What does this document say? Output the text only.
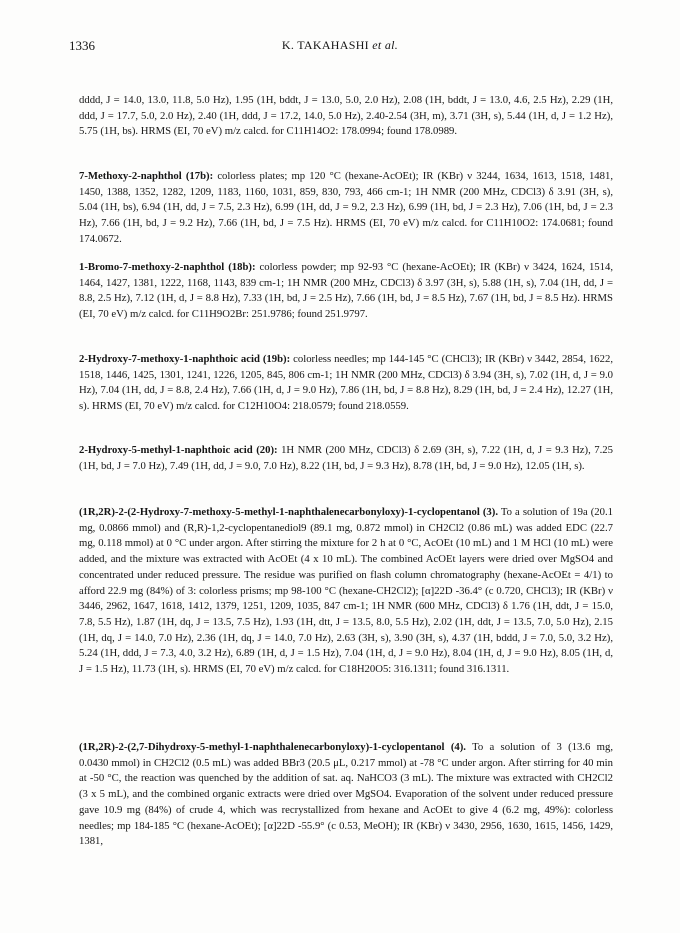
1336	K. TAKAHASHI et al.
dddd, J = 14.0, 13.0, 11.8, 5.0 Hz), 1.95 (1H, bddt, J = 13.0, 5.0, 2.0 Hz), 2.08 (1H, bddt, J = 13.0, 4.6, 2.5 Hz), 2.29 (1H, ddd, J = 17.7, 5.0, 2.0 Hz), 2.40 (1H, ddd, J = 17.2, 14.0, 5.0 Hz), 2.40-2.54 (3H, m), 3.71 (3H, s), 5.44 (1H, d, J = 1.2 Hz), 5.75 (1H, bs). HRMS (EI, 70 eV) m/z calcd. for C11H14O2: 178.0994; found 178.0989.
7-Methoxy-2-naphthol (17b): colorless plates; mp 120 °C (hexane-AcOEt); IR (KBr) ν 3244, 1634, 1613, 1518, 1481, 1450, 1388, 1352, 1282, 1209, 1183, 1160, 1031, 859, 830, 793, 466 cm-1; 1H NMR (200 MHz, CDCl3) δ 3.91 (3H, s), 5.04 (1H, bs), 6.94 (1H, dd, J = 7.5, 2.3 Hz), 6.99 (1H, dd, J = 9.2, 2.3 Hz), 6.99 (1H, bd, J = 2.3 Hz), 7.06 (1H, bd, J = 2.3 Hz), 7.66 (1H, bd, J = 9.2 Hz), 7.66 (1H, bd, J = 7.5 Hz). HRMS (EI, 70 eV) m/z calcd. for C11H10O2: 174.0681; found 174.0672.
1-Bromo-7-methoxy-2-naphthol (18b): colorless powder; mp 92-93 °C (hexane-AcOEt); IR (KBr) ν 3424, 1624, 1514, 1464, 1427, 1381, 1222, 1168, 1143, 839 cm-1; 1H NMR (200 MHz, CDCl3) δ 3.97 (3H, s), 5.88 (1H, s), 7.04 (1H, dd, J = 8.8, 2.5 Hz), 7.12 (1H, d, J = 8.8 Hz), 7.33 (1H, bd, J = 2.5 Hz), 7.66 (1H, bd, J = 8.5 Hz), 7.67 (1H, bd, J = 8.5 Hz). HRMS (EI, 70 eV) m/z calcd. for C11H9O2Br: 251.9786; found 251.9797.
2-Hydroxy-7-methoxy-1-naphthoic acid (19b): colorless needles; mp 144-145 °C (CHCl3); IR (KBr) ν 3442, 2854, 1622, 1518, 1446, 1425, 1301, 1241, 1226, 1205, 845, 806 cm-1; 1H NMR (200 MHz, CDCl3) δ 3.94 (3H, s), 7.02 (1H, d, J = 9.0 Hz), 7.04 (1H, dd, J = 8.8, 2.4 Hz), 7.66 (1H, d, J = 9.0 Hz), 7.86 (1H, bd, J = 8.8 Hz), 8.29 (1H, bd, J = 2.4 Hz), 12.27 (1H, s). HRMS (EI, 70 eV) m/z calcd. for C12H10O4: 218.0579; found 218.0559.
2-Hydroxy-5-methyl-1-naphthoic acid (20): 1H NMR (200 MHz, CDCl3) δ 2.69 (3H, s), 7.22 (1H, d, J = 9.3 Hz), 7.25 (1H, bd, J = 7.0 Hz), 7.49 (1H, dd, J = 9.0, 7.0 Hz), 8.22 (1H, bd, J = 9.3 Hz), 8.78 (1H, bd, J = 9.0 Hz), 12.05 (1H, s).
(1R,2R)-2-(2-Hydroxy-7-methoxy-5-methyl-1-naphthalenecarbonyloxy)-1-cyclopentanol (3). To a solution of 19a (20.1 mg, 0.0866 mmol) and (R,R)-1,2-cyclopentanediol9 (89.1 mg, 0.872 mmol) in CH2Cl2 (0.86 mL) was added EDC (22.7 mg, 0.118 mmol) at 0 °C under argon. After stirring the mixture for 2 h at 0 °C, AcOEt (10 mL) and 1 M HCl (10 mL) were added, and the mixture was extracted with AcOEt (4 x 10 mL). The combined AcOEt layers were dried over MgSO4 and concentrated under reduced pressure. The residue was purified on flash column chromatography (hexane-AcOEt = 4/1) to afford 22.9 mg (84%) of 3: colorless prisms; mp 98-100 °C (hexane-CH2Cl2); [α]22D -36.4° (c 0.720, CHCl3); IR (KBr) ν 3446, 2962, 1647, 1618, 1412, 1379, 1251, 1209, 1035, 847 cm-1; 1H NMR (600 MHz, CDCl3) δ 1.76 (1H, ddt, J = 15.0, 7.8, 5.5 Hz), 1.87 (1H, dq, J = 13.5, 7.5 Hz), 1.93 (1H, dtt, J = 13.5, 8.0, 5.5 Hz), 2.02 (1H, ddt, J = 13.5, 7.0, 5.0 Hz), 2.15 (1H, dq, J = 14.0, 7.0 Hz), 2.36 (1H, dq, J = 14.0, 7.0 Hz), 2.63 (3H, s), 3.90 (3H, s), 4.37 (1H, bddd, J = 7.0, 5.0, 3.2 Hz), 5.24 (1H, ddd, J = 7.3, 4.0, 3.2 Hz), 6.89 (1H, d, J = 1.5 Hz), 7.04 (1H, d, J = 9.0 Hz), 8.04 (1H, d, J = 9.0 Hz), 8.05 (1H, d, J = 1.5 Hz), 11.73 (1H, s). HRMS (EI, 70 eV) m/z calcd. for C18H20O5: 316.1311; found 316.1311.
(1R,2R)-2-(2,7-Dihydroxy-5-methyl-1-naphthalenecarbonyloxy)-1-cyclopentanol (4). To a solution of 3 (13.6 mg, 0.0430 mmol) in CH2Cl2 (0.5 mL) was added BBr3 (20.5 μL, 0.217 mmol) at -78 °C under argon. After stirring for 40 min at -50 °C, the reaction was quenched by the addition of sat. aq. NaHCO3 (3 mL). The mixture was extracted with CH2Cl2 (3 x 5 mL), and the combined organic extracts were dried over MgSO4. Evaporation of the solvent under reduced pressure gave 10.9 mg (84%) of crude 4, which was recrystallized from hexane and AcOEt to give 4 (6.2 mg, 49%): colorless needles; mp 184-185 °C (hexane-AcOEt); [α]22D -55.9° (c 0.53, MeOH); IR (KBr) ν 3430, 2956, 1630, 1615, 1456, 1429, 1381,
